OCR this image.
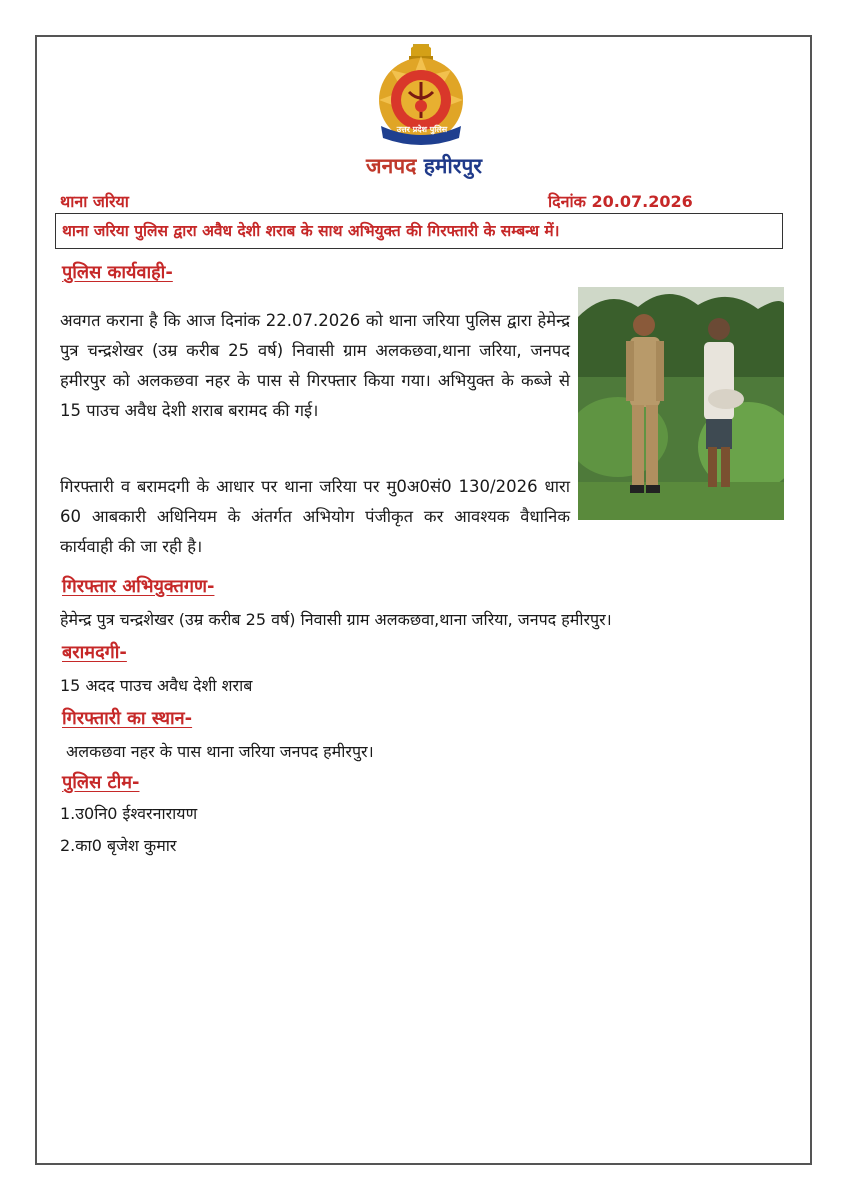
उत्तर प्रदेश पुलिस
जनपद हमीरपुर
थाना जरिया	दिनांक 20.07.2026
थाना जरिया पुलिस द्वारा अवैध देशी शराब के साथ अभियुक्त की गिरफ्तारी के सम्बन्ध में।
पुलिस कार्यवाही-

अवगत कराना है कि आज दिनांक 22.07.2026 को थाना जरिया पुलिस द्वारा हेमेन्द्र पुत्र चन्द्रशेखर (उम्र करीब 25 वर्ष) निवासी ग्राम अलकछवा,थाना जरिया, जनपद हमीरपुर को अलकछवा नहर के पास से गिरफ्तार किया गया। अभियुक्त के कब्जे से 15 पाउच अवैध देशी शराब बरामद की गई।

गिरफ्तारी व बरामदगी के आधार पर थाना जरिया पर मु0अ0सं0 130/2026 धारा 60 आबकारी अधिनियम के अंतर्गत अभियोग पंजीकृत कर आवश्यक वैधानिक कार्यवाही की जा रही है।

गिरफ्तार अभियुक्तगण-
हेमेन्द्र पुत्र चन्द्रशेखर (उम्र करीब 25 वर्ष) निवासी ग्राम अलकछवा,थाना जरिया, जनपद हमीरपुर।
बरामदगी-
15 अदद पाउच अवैध देशी शराब
गिरफ्तारी का स्थान-
अलकछवा नहर के पास थाना जरिया जनपद हमीरपुर।
पुलिस टीम-
1.उ0नि0 ईश्वरनारायण
2.का0 बृजेश कुमार
